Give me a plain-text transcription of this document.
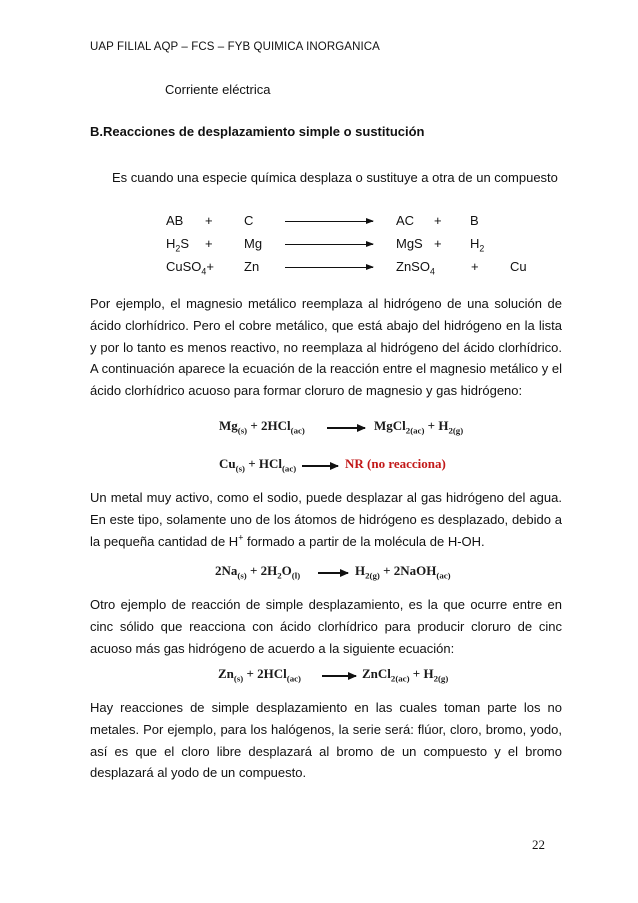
UAP FILIAL AQP – FCS – FYB QUIMICA INORGANICA
Corriente eléctrica
B.Reacciones de desplazamiento simple o sustitución
Es cuando una especie química desplaza o sustituye a otra de un compuesto
AB + C	AC + B
$H_2S + Mg$	MgS + $H_2$
CuSO$_4$+ Zn	ZnSO$_4$	+ Cu

Por ejemplo, el magnesio metálico reemplaza al hidrógeno de una solución de ácido clorhídrico. Pero el cobre metálico, que está abajo del hidrógeno en la lista y por lo tanto es menos reactivo, no reemplaza al hidrógeno del ácido clorhídrico. A continuación aparece la ecuación de la reacción entre el magnesio metálico y el ácido clorhídrico acuoso para formar cloruro de magnesio y gas hidrógeno:

$Mg_{(s)} + 2HCl_{(ac)}$ → MgCl$_{2(ac)}$ + $H_{2(g)}$
$Cu_{(s)} + HCl_{(ac)}$ → NR (no reacciona)

Un metal muy activo, como el sodio, puede desplazar al gas hidrógeno del agua. En este tipo, solamente uno de los átomos de hidrógeno es desplazado, debido a la pequeña cantidad de H+ formado a partir de la molécula de H-OH.

$2Na_{(s)} + 2H_2O_{(l)} \to H_{2(g)}$ + 2NaOH$_{(ac)}$

Otro ejemplo de reacción de simple desplazamiento, es la que ocurre entre en cinc sólido que reacciona con ácido clorhídrico para producir cloruro de cinc acuoso más gas hidrógeno de acuerdo a la siguiente ecuación:

$Zn_{(s)} + 2HCl_{(ac)}$ → ZnCl$_{2(ac)}$ + $H_{2(g)}$

Hay reacciones de simple desplazamiento en las cuales toman parte los no metales. Por ejemplo, para los halógenos, la serie será: flúor, cloro, bromo, yodo, así es que el cloro libre desplazará al bromo de un compuesto y el bromo desplazará al yodo de un compuesto.

22
